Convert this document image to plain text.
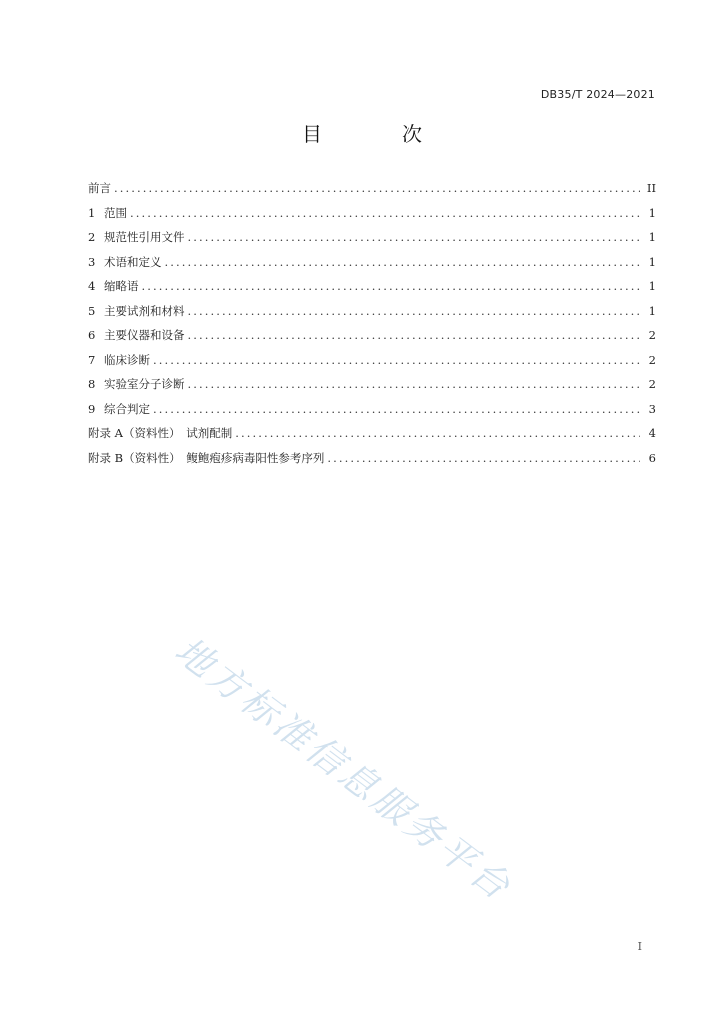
DB35/T 2024—2021
目　次
前言 .....	II
1 范围 .....	1
2 规范性引用文件 .....	1
3 术语和定义 .....	1
4 缩略语 .....	1
5 主要试剂和材料 .....	1
6 主要仪器和设备 .....	2
7 临床诊断 .....	2
8 实验室分子诊断 .....	2
9 综合判定 .....	3
附录 A（资料性）　试剂配制 .....	4
附录 B（资料性）　鳆鲍疱疹病毒阳性参考序列 .....	6
地方标准信息服务平台
I
